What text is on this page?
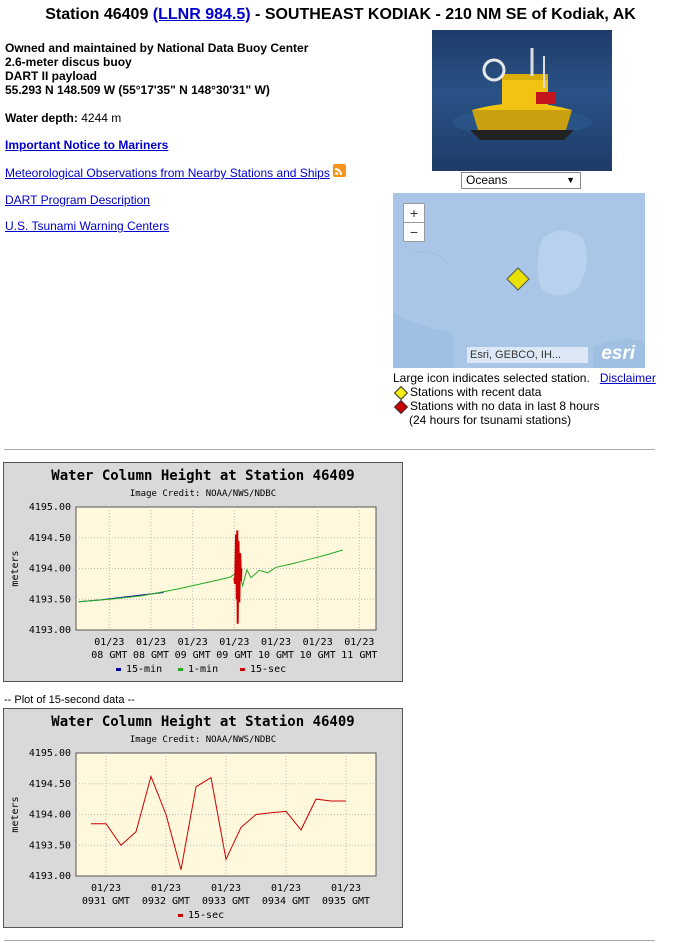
Station 46409 (LLNR 984.5) - SOUTHEAST KODIAK - 210 NM SE of Kodiak, AK
Owned and maintained by National Data Buoy Center
2.6-meter discus buoy
DART II payload
55.293 N 148.509 W (55°17'35" N 148°30'31" W)
Water depth: 4244 m
Important Notice to Mariners
Meteorological Observations from Nearby Stations and Ships
DART Program Description
U.S. Tsunami Warning Centers
Oceans	▼
+
−
Esri, GEBCO, IH...	esri
Large icon indicates selected station. Disclaimer
Stations with recent data
Stations with no data in last 8 hours
(24 hours for tsunami stations)
Water Column Height at Station 46409
Image Credit: NOAA/NWS/NDBC
4195.00
4194.50
4194.00
4193.50
4193.00
01/23
08 GMT
01/23
08 GMT
01/23
09 GMT
01/23
09 GMT
01/23
10 GMT
01/23
10 GMT
01/23
11 GMT
meters
15-min	1-min	15-sec
-- Plot of 15-second data --
Water Column Height at Station 46409
Image Credit: NOAA/NWS/NDBC
4195.00
4194.50
4194.00
4193.50
4193.00
01/23
0931 GMT
01/23
0932 GMT
01/23
0933 GMT
01/23
0934 GMT
01/23
0935 GMT
meters
15-sec
